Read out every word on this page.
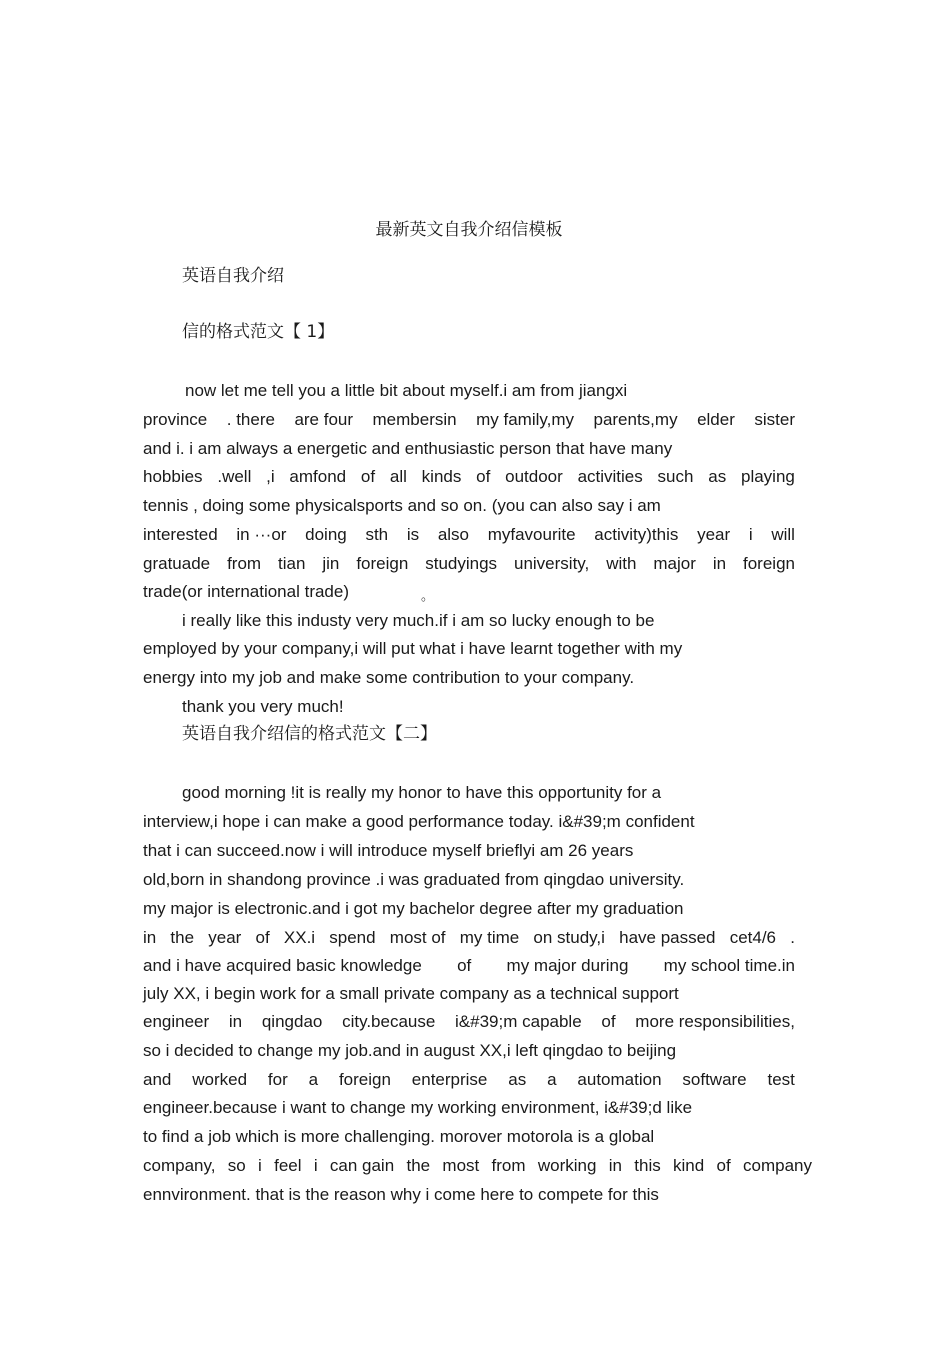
最新英文自我介绍信模板
英语自我介绍
信的格式范文【 1】
now let me tell you a little bit about myself.i am from jiangxi
province . there are four membersin my family,my parents,my elder sister
and i. i am always a energetic and enthusiastic person that have many
hobbies .well ,i amfond of all kinds of outdoor activities such as playing
tennis , doing some physicalsports and so on. (you can also say i am
interested in ···or doing sth is also myfavourite activity)this year i will
gratuade from tian jin foreign studyings university, with major in foreign
trade(or international trade)	。
i really like this industy very much.if i am so lucky enough to be
employed by your company,i will put what i have learnt together with my
energy into my job and make some contribution to your company.
thank you very much!
英语自我介绍信的格式范文【二】
good morning !it is really my honor to have this opportunity for a
interview,i hope i can make a good performance today. i&#39;m confident
that i can succeed.now i will introduce myself brieflyi am 26 years
old,born in shandong province .i was graduated from qingdao university.
my major is electronic.and i got my bachelor degree after my graduation
in the year of XX.i spend most of my time on study,i have passed cet4/6 .
and i have acquired basic knowledge of my major during my school time.in
july XX, i begin work for a small private company as a technical support
engineer in qingdao city.because i&#39;m capable of more responsibilities,
so i decided to change my job.and in august XX,i left qingdao to beijing
and worked for a foreign enterprise as a automation software test
engineer.because i want to change my working environment, i&#39;d like
to find a job which is more challenging. morover motorola is a global
company, so i feel i can gain the most from working in this kind of company
ennvironment. that is the reason why i come here to compete for this
